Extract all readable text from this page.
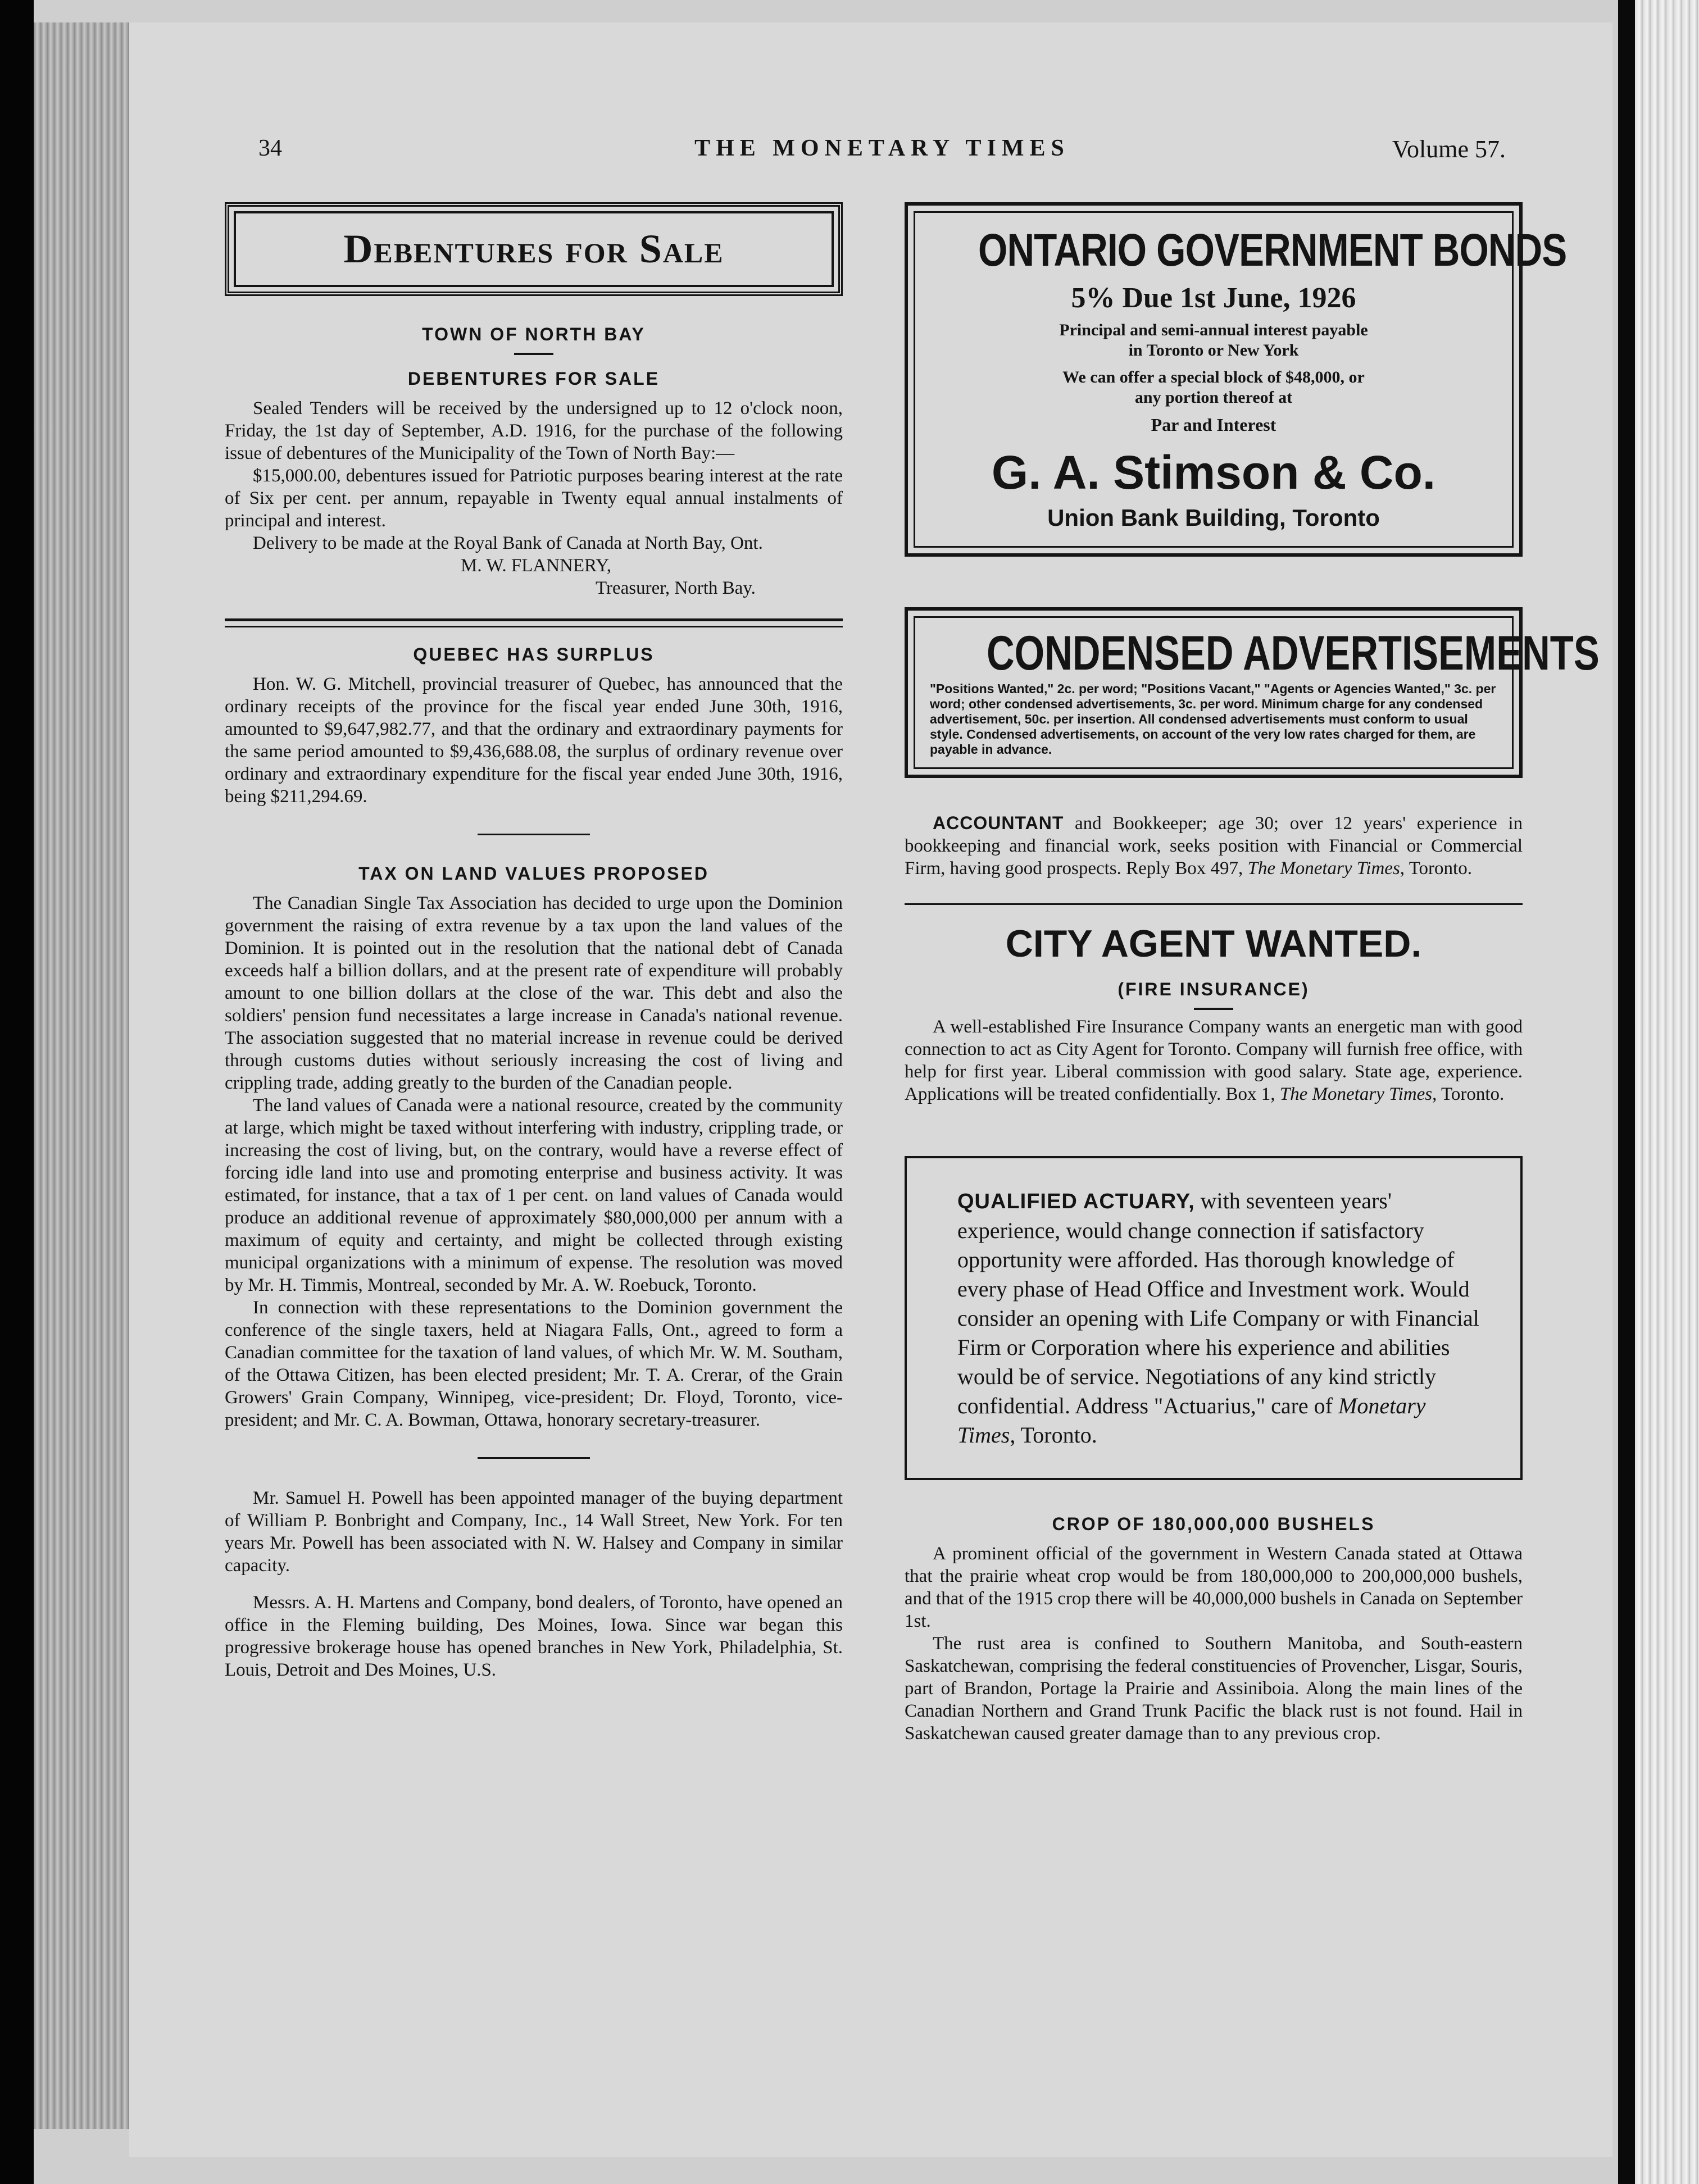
34	THE MONETARY TIMES	Volume 57.
Debentures for Sale
TOWN OF NORTH BAY
DEBENTURES FOR SALE

Sealed Tenders will be received by the undersigned up to 12 o'clock noon, Friday, the 1st day of September, A.D. 1916, for the purchase of the following issue of debentures of the Municipality of the Town of North Bay:—

$15,000.00, debentures issued for Patriotic purposes bearing interest at the rate of Six per cent. per annum, repayable in Twenty equal annual instalments of principal and interest.

Delivery to be made at the Royal Bank of Canada at North Bay, Ont.

M. W. FLANNERY,
Treasurer, North Bay.
QUEBEC HAS SURPLUS

Hon. W. G. Mitchell, provincial treasurer of Quebec, has announced that the ordinary receipts of the province for the fiscal year ended June 30th, 1916, amounted to $9,647,982.77, and that the ordinary and extraordinary payments for the same period amounted to $9,436,688.08, the surplus of ordinary revenue over ordinary and extraordinary expenditure for the fiscal year ended June 30th, 1916, being $211,294.69.

TAX ON LAND VALUES PROPOSED

The Canadian Single Tax Association has decided to urge upon the Dominion government the raising of extra revenue by a tax upon the land values of the Dominion. It is pointed out in the resolution that the national debt of Canada exceeds half a billion dollars, and at the present rate of expenditure will probably amount to one billion dollars at the close of the war. This debt and also the soldiers' pension fund necessitates a large increase in Canada's national revenue. The association suggested that no material increase in revenue could be derived through customs duties without seriously increasing the cost of living and crippling trade, adding greatly to the burden of the Canadian people.

The land values of Canada were a national resource, created by the community at large, which might be taxed without interfering with industry, crippling trade, or increasing the cost of living, but, on the contrary, would have a reverse effect of forcing idle land into use and promoting enterprise and business activity. It was estimated, for instance, that a tax of 1 per cent. on land values of Canada would produce an additional revenue of approximately $80,000,000 per annum with a maximum of equity and certainty, and might be collected through existing municipal organizations with a minimum of expense. The resolution was moved by Mr. H. Timmis, Montreal, seconded by Mr. A. W. Roebuck, Toronto.

In connection with these representations to the Dominion government the conference of the single taxers, held at Niagara Falls, Ont., agreed to form a Canadian committee for the taxation of land values, of which Mr. W. M. Southam, of the Ottawa Citizen, has been elected president; Mr. T. A. Crerar, of the Grain Growers' Grain Company, Winnipeg, vice-president; Dr. Floyd, Toronto, vice-president; and Mr. C. A. Bowman, Ottawa, honorary secretary-treasurer.

Mr. Samuel H. Powell has been appointed manager of the buying department of William P. Bonbright and Company, Inc., 14 Wall Street, New York. For ten years Mr. Powell has been associated with N. W. Halsey and Company in similar capacity.

Messrs. A. H. Martens and Company, bond dealers, of Toronto, have opened an office in the Fleming building, Des Moines, Iowa. Since war began this progressive brokerage house has opened branches in New York, Philadelphia, St. Louis, Detroit and Des Moines, U.S.

ONTARIO GOVERNMENT BONDS
5% Due 1st June, 1926
Principal and semi-annual interest payable
in Toronto or New York
We can offer a special block of $48,000, or
any portion thereof at
Par and Interest
G. A. Stimson & Co.
Union Bank Building, Toronto
CONDENSED ADVERTISEMENTS
"Positions Wanted," 2c. per word; "Positions Vacant," "Agents or Agencies Wanted," 3c. per word; other condensed advertisements, 3c. per word. Minimum charge for any condensed advertisement, 50c. per insertion. All condensed advertisements must conform to usual style. Condensed advertisements, on account of the very low rates charged for them, are payable in advance.

ACCOUNTANT and Bookkeeper; age 30; over 12 years' experience in bookkeeping and financial work, seeks position with Financial or Commercial Firm, having good prospects. Reply Box 497, The Monetary Times, Toronto.

CITY AGENT WANTED.
(FIRE INSURANCE)

A well-established Fire Insurance Company wants an energetic man with good connection to act as City Agent for Toronto. Company will furnish free office, with help for first year. Liberal commission with good salary. State age, experience. Applications will be treated confidentially. Box 1, The Monetary Times, Toronto.

QUALIFIED ACTUARY, with seventeen years' experience, would change connection if satisfactory opportunity were afforded. Has thorough knowledge of every phase of Head Office and Investment work. Would consider an opening with Life Company or with Financial Firm or Corporation where his experience and abilities would be of service. Negotiations of any kind strictly confidential. Address "Actuarius," care of Monetary Times, Toronto.
CROP OF 180,000,000 BUSHELS

A prominent official of the government in Western Canada stated at Ottawa that the prairie wheat crop would be from 180,000,000 to 200,000,000 bushels, and that of the 1915 crop there will be 40,000,000 bushels in Canada on September 1st.

The rust area is confined to Southern Manitoba, and South-eastern Saskatchewan, comprising the federal constituencies of Provencher, Lisgar, Souris, part of Brandon, Portage la Prairie and Assiniboia. Along the main lines of the Canadian Northern and Grand Trunk Pacific the black rust is not found. Hail in Saskatchewan caused greater damage than to any previous crop.
